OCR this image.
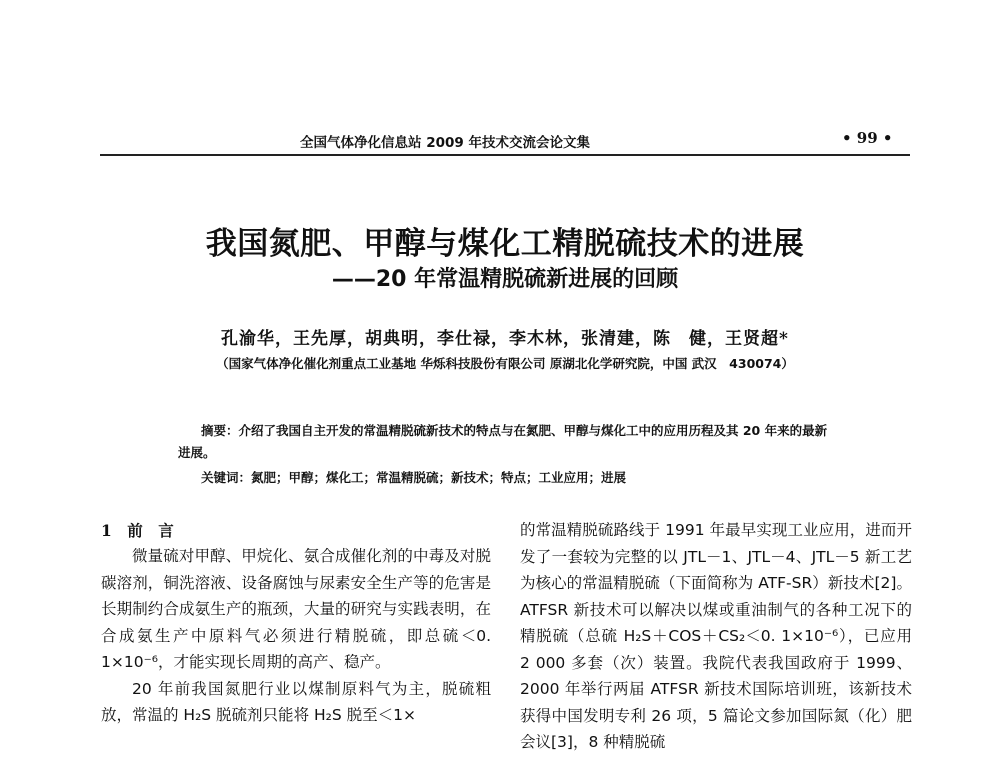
全国气体净化信息站 2009 年技术交流会论文集	• 99 •
我国氮肥、甲醇与煤化工精脱硫技术的进展
——20 年常温精脱硫新进展的回顾
孔渝华，王先厚，胡典明，李仕禄，李木林，张清建，陈　健，王贤超*
（国家气体净化催化剂重点工业基地 华烁科技股份有限公司 原湖北化学研究院，中国 武汉　430074）
摘要：介绍了我国自主开发的常温精脱硫新技术的特点与在氮肥、甲醇与煤化工中的应用历程及其 20 年来的最新进展。
关键词：氮肥；甲醇；煤化工；常温精脱硫；新技术；特点；工业应用；进展
1　前　言

微量硫对甲醇、甲烷化、氨合成催化剂的中毒及对脱碳溶剂，铜洗溶液、设备腐蚀与尿素安全生产等的危害是长期制约合成氨生产的瓶颈，大量的研究与实践表明，在合成氨生产中原料气必须进行精脱硫，即总硫＜0. 1×10⁻⁶，才能实现长周期的高产、稳产。

20 年前我国氮肥行业以煤制原料气为主，脱硫粗放，常温的 H₂S 脱硫剂只能将 H₂S 脱至＜1×

的常温精脱硫路线于 1991 年最早实现工业应用，进而开发了一套较为完整的以 JTL－1、JTL－4、JTL－5 新工艺为核心的常温精脱硫（下面简称为 ATF-SR）新技术[2]。ATFSR 新技术可以解决以煤或重油制气的各种工况下的精脱硫（总硫 H₂S＋COS＋CS₂＜0. 1×10⁻⁶），已应用 2 000 多套（次）装置。我院代表我国政府于 1999、2000 年举行两届 ATFSR 新技术国际培训班，该新技术获得中国发明专利 26 项，5 篇论文参加国际氮（化）肥会议[3]，8 种精脱硫
